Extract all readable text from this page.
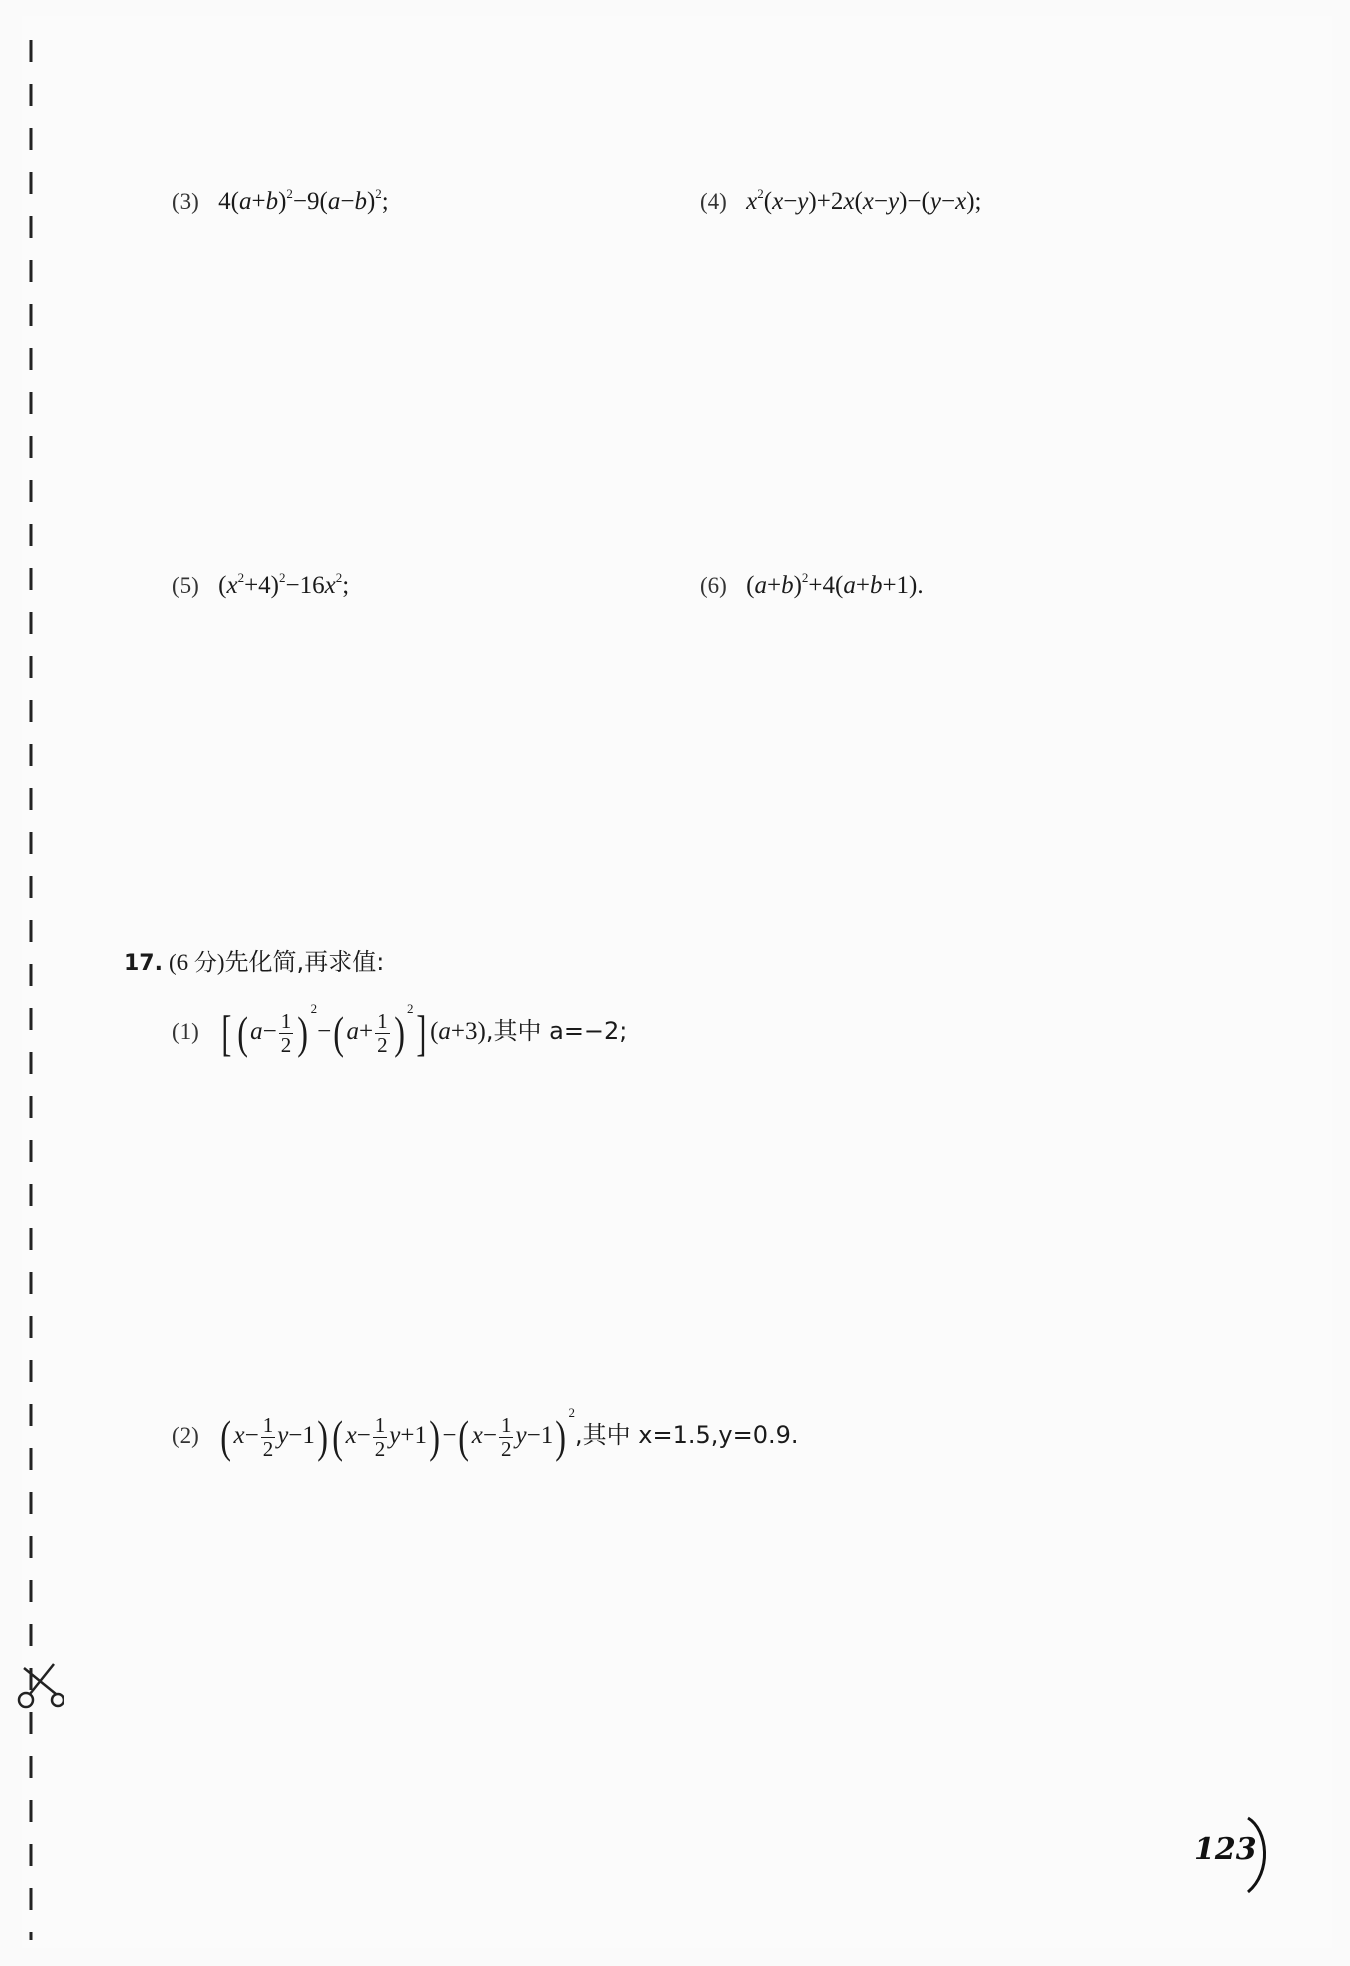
(3) $4(a+b)^2-9(a-b)^2$;	(4) $x^2(x-y)+2x(x-y)-(y-x)$;
(5) $(x^2+4)^2-16x^2$;	(6) $(a+b)^2+4(a+b+1)$.
17. (6 分)先化简,再求值:
(1) [ ($a- \frac{1}{2}$ ) $^2-(a+ \frac{1}{2}$ ) $^2$] (a+3),其中 a=−2;
(2) $(x- \frac{1}{2} y-1)(x- \frac{1}{2} y+1)-(x- \frac{1}{2} y-1)$ $^2$,其中 x=1.5,y=0.9.
123
